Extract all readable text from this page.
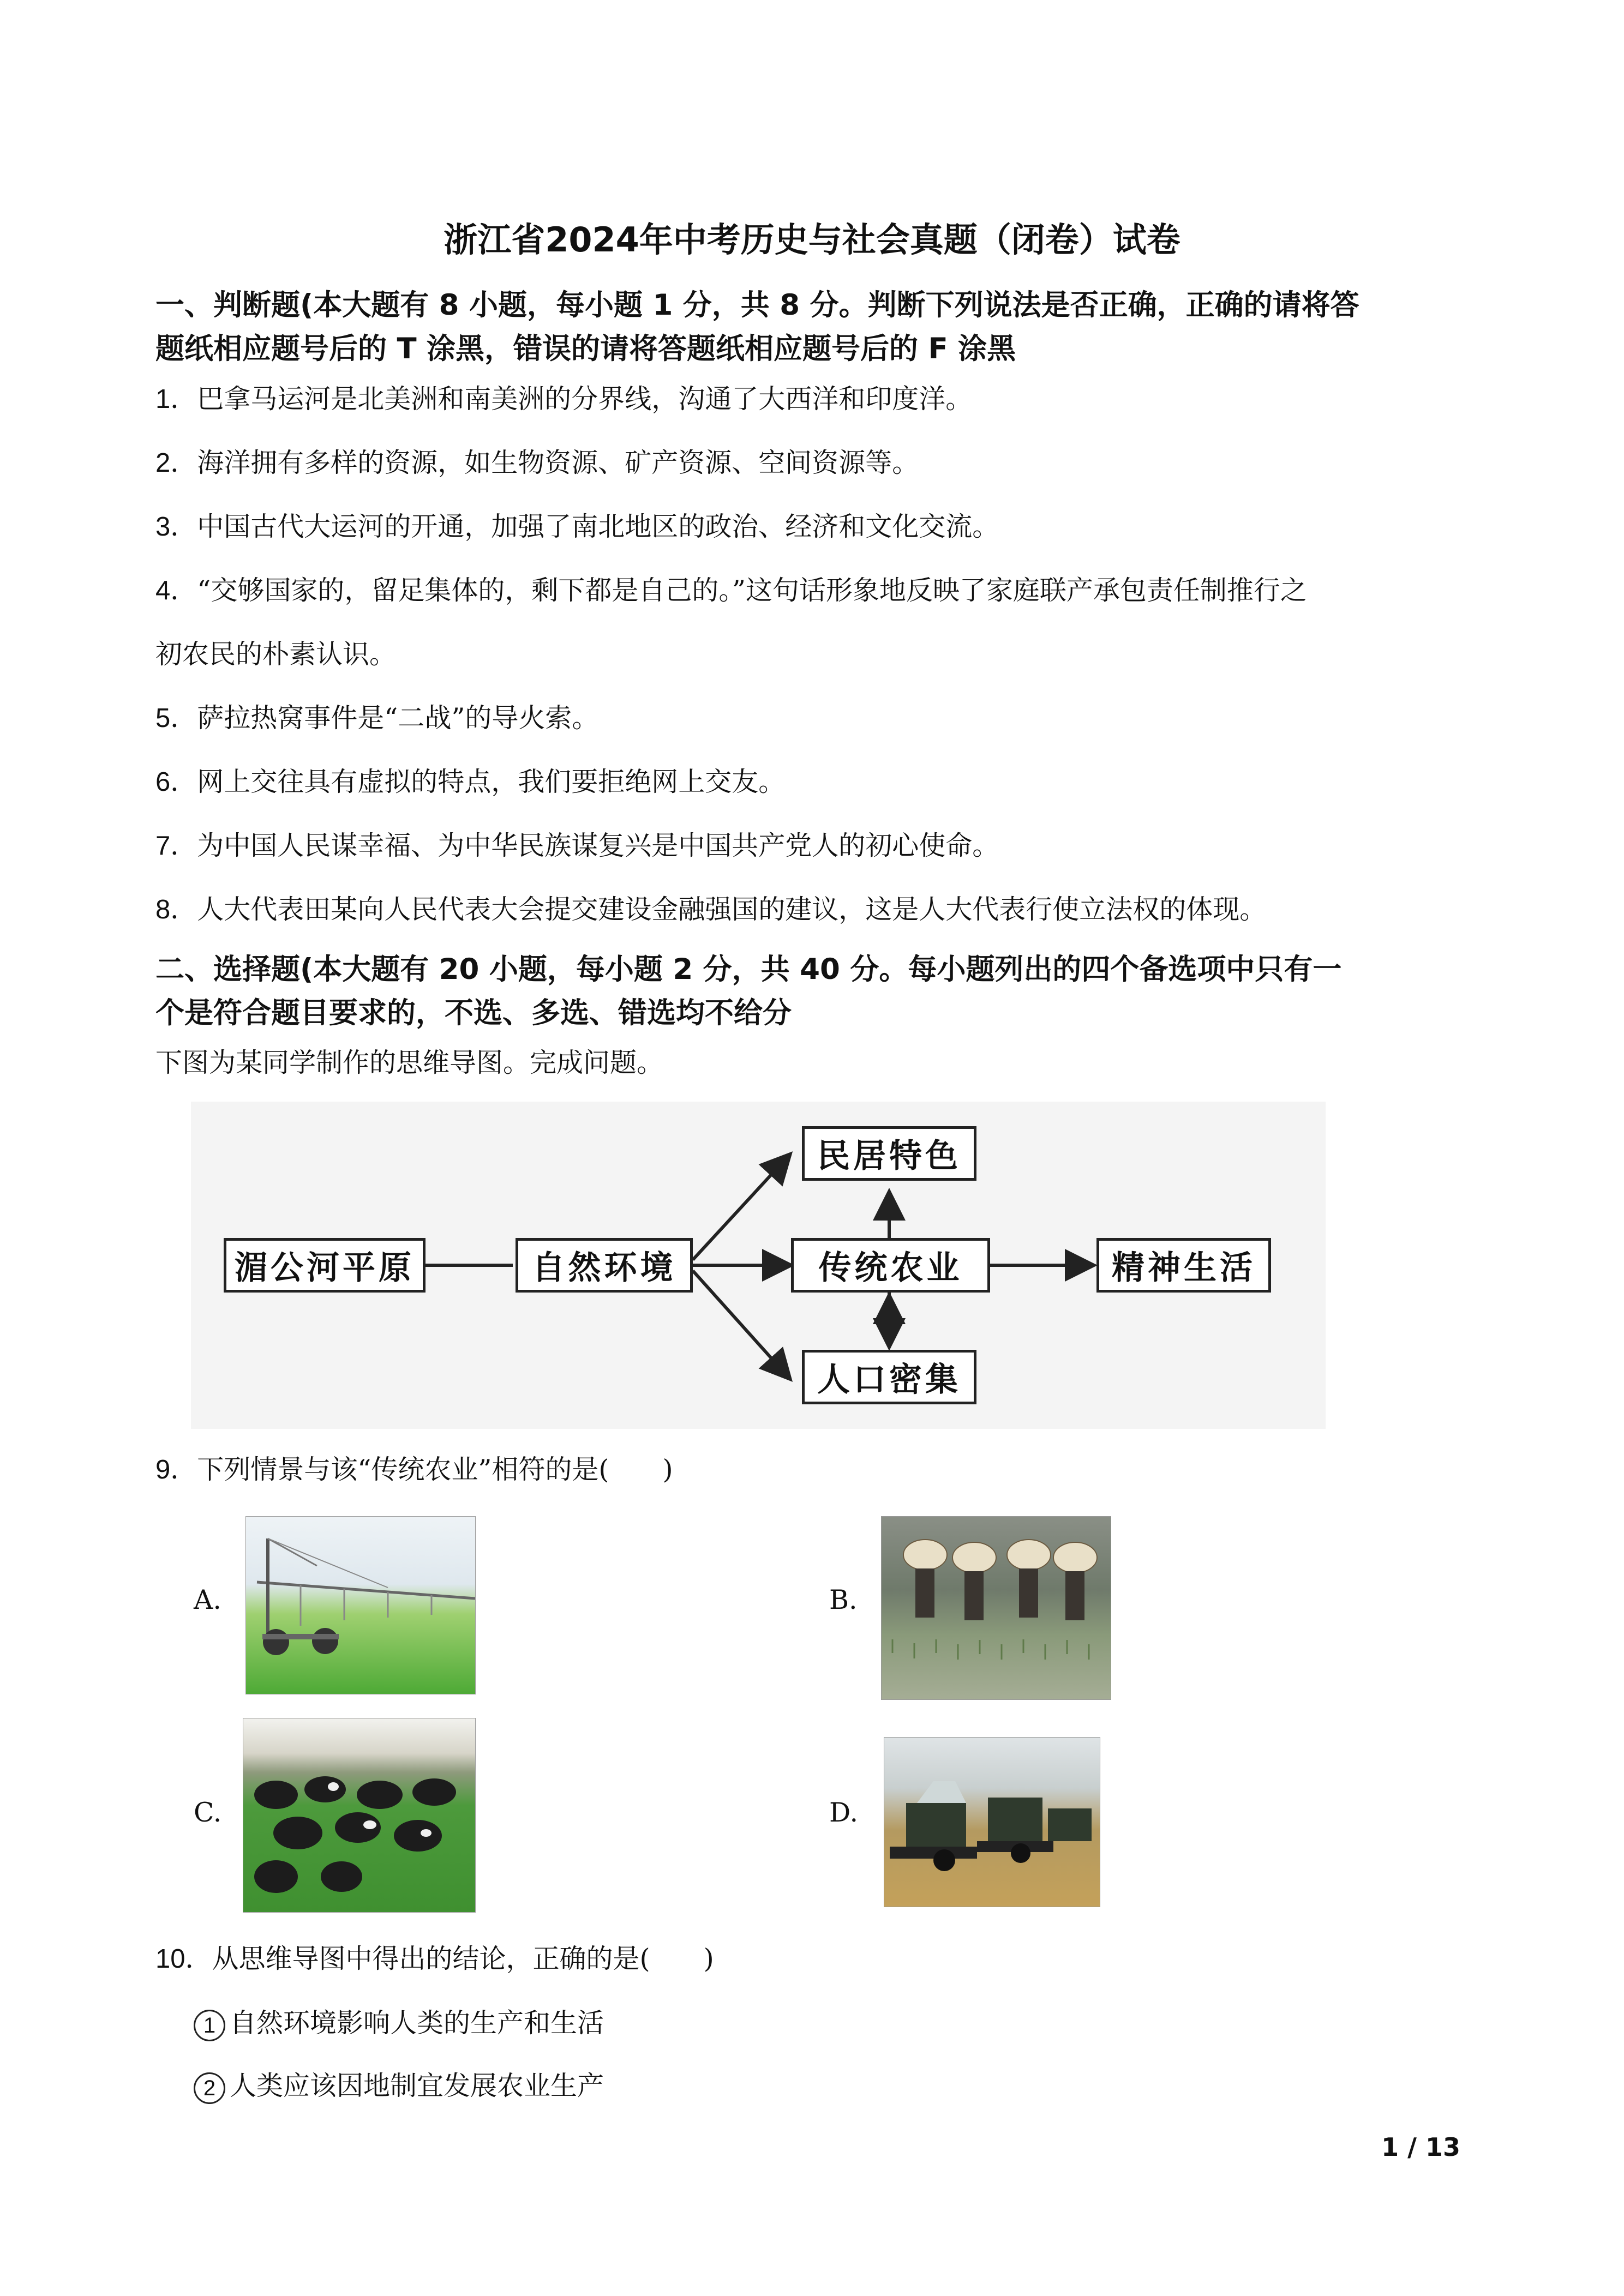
浙江省2024年中考历史与社会真题（闭卷）试卷
一、判断题(本大题有 8 小题，每小题 1 分，共 8 分。判断下列说法是否正确，正确的请将答
题纸相应题号后的 T 涂黑，错误的请将答题纸相应题号后的 F 涂黑
1．巴拿马运河是北美洲和南美洲的分界线，沟通了大西洋和印度洋。
2．海洋拥有多样的资源，如生物资源、矿产资源、空间资源等。
3．中国古代大运河的开通，加强了南北地区的政治、经济和文化交流。
4．“交够国家的，留足集体的，剩下都是自己的。”这句话形象地反映了家庭联产承包责任制推行之
初农民的朴素认识。
5．萨拉热窝事件是“二战”的导火索。
6．网上交往具有虚拟的特点，我们要拒绝网上交友。
7．为中国人民谋幸福、为中华民族谋复兴是中国共产党人的初心使命。
8．人大代表田某向人民代表大会提交建设金融强国的建议，这是人大代表行使立法权的体现。
二、选择题(本大题有 20 小题，每小题 2 分，共 40 分。每小题列出的四个备选项中只有一
个是符合题目要求的，不选、多选、错选均不给分
下图为某同学制作的思维导图。完成问题。
湄公河平原	自然环境
民居特色
传统农业
人口密集
精神生活
9．下列情景与该“传统农业”相符的是(　　)
A.	B.
C.	D.
10．从思维导图中得出的结论，正确的是(　　)
1 自然环境影响人类的生产和生活
2 人类应该因地制宜发展农业生产
1 / 13
